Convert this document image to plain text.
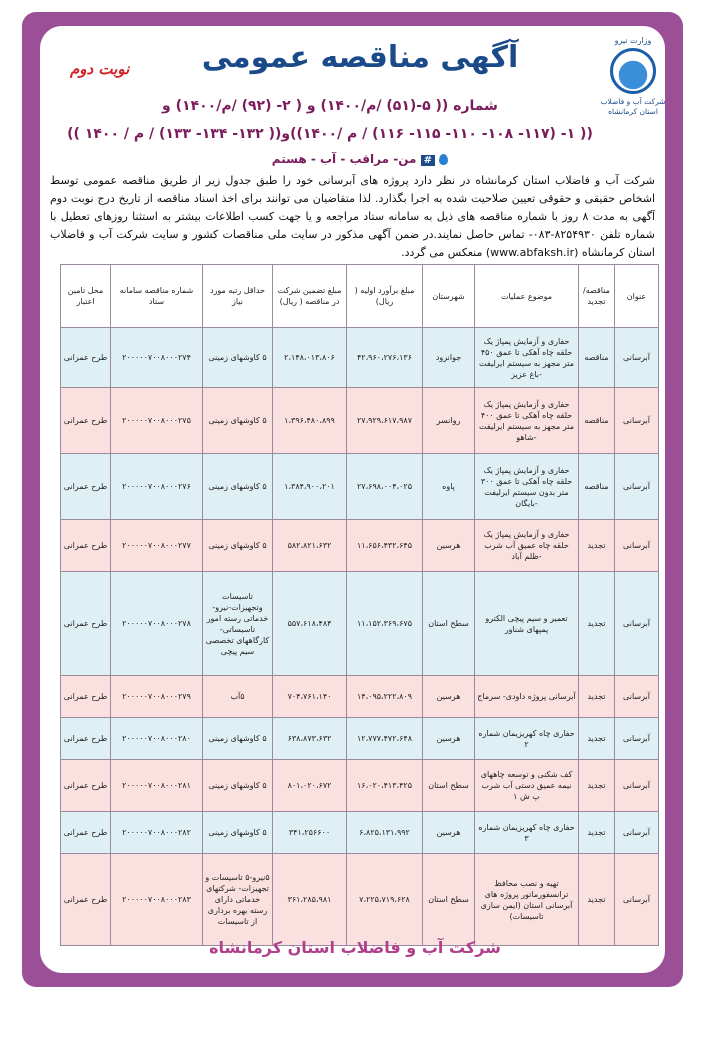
وزارت نیرو
شرکت آب و فاضلاب
استان کرمانشاه
نوبت دوم	آگهی مناقصه عمومی
شماره (( ۵-(۵۱) /م/۱۴۰۰) و ( ۲- (۹۲) /م/۱۴۰۰) و
(( ۱- (۱۱۷- ۱۰۸- ۱۱۰- ۱۱۵- ۱۱۶) / م /۱۴۰۰))و(( ۱۳۲- ۱۳۴- ۱۳۳) / م / ۱۴۰۰ ))
# من- مراقب - آب - هستم
شرکت آب و فاضلاب استان کرمانشاه در نظر دارد پروژه های آبرسانی خود را طبق جدول زیر از طریق مناقصه عمومی توسط اشخاص حقیقی و حقوقی تعیین صلاحیت شده به اجرا بگذارد. لذا متقاضیان می توانند برای اخذ اسناد مناقصه از تاریخ درج نوبت دوم آگهی به مدت ۸ روز با شماره مناقصه های ذیل به سامانه ستاد مراجعه و یا جهت کسب اطلاعات بیشتر به استثنا روزهای تعطیل با شماره تلفن ۸۲۵۴۹۳۰-۰۸۳- تماس حاصل نمایند.در ضمن آگهی مذکور در سایت ملی مناقصات کشور و سایت شرکت آب و فاضلاب استان کرمانشاه (www.abfaksh.ir) منعکس می گردد.
عنوان	مناقصه/ تجدید	موضوع عملیات			شهرستان	مبلغ برآورد اولیه ( ریال)	مبلغ تضمین شرکت در مناقصه ( ریال)	حداقل رتبه مورد نیاز	شماره مناقصه سامانه ستاد	محل تامین اعتبار
آبرسانی	مناقصه	حفاری و آزمایش پمپاژ یک حلقه چاه آهکی تا عمق ۴۵۰ متر مجهز به سیستم ایرلیفت -باغ عزیز			جوانرود	۴۲،۹۶۰،۲۷۶،۱۳۶	۲،۱۴۸،۰۱۳،۸۰۶	۵ کاوشهای زمینی	۲۰۰۰۰۰۷۰۰۸۰۰۰۲۷۴	طرح عمرانی
آبرسانی	مناقصه	حفاری و آزمایش پمپاژ یک حلقه چاه آهکی تا عمق ۴۰۰ متر مجهز به سیستم ایرلیفت -شاهو			روانسر	۲۷،۹۲۹،۶۱۷،۹۸۷	۱،۳۹۶،۴۸۰،۸۹۹	۵ کاوشهای زمینی	۲۰۰۰۰۰۷۰۰۸۰۰۰۲۷۵	طرح عمرانی
آبرسانی	مناقصه	حفاری و آزمایش پمپاژ یک حلقه چاه آهکی تا عمق ۳۰۰ متر بدون سیستم ایرلیفت -بایگان			پاوه	۲۷،۶۹۸،۰۰۴،۰۲۵	۱،۳۸۴،۹۰۰،۲۰۱	۵ کاوشهای زمینی	۲۰۰۰۰۰۷۰۰۸۰۰۰۲۷۶	طرح عمرانی
آبرسانی	تجدید	حفاری و آزمایش پمپاژ یک حلقه چاه عمیق آب شرب -ظلم آباد			هرسین	۱۱،۶۵۶،۴۳۲،۶۴۵	۵۸۲،۸۲۱،۶۳۲	۵ کاوشهای زمینی	۲۰۰۰۰۰۷۰۰۸۰۰۰۲۷۷	طرح عمرانی
آبرسانی	تجدید	تعمیر و سیم پیچی الکترو پمپهای شناور			سطح استان	۱۱،۱۵۲،۳۶۹،۶۷۵	۵۵۷،۶۱۸،۴۸۴	تاسیسات وتجهیزات-نیرو- خدماتی رسته امور تاسیساتی- کارگاههای تخصصی سیم پیچی	۲۰۰۰۰۰۷۰۰۸۰۰۰۲۷۸	طرح عمرانی
آبرسانی	تجدید	آبرسانی پروژه داودی- سرماج			هرسین	۱۴،۰۹۵،۲۲۲،۸۰۹	۷۰۴،۷۶۱،۱۴۰	۵آب	۲۰۰۰۰۰۷۰۰۸۰۰۰۲۷۹	طرح عمرانی
آبرسانی	تجدید	حفاری چاه کهریزیمان شماره ۲			هرسین	۱۲،۷۷۷،۴۷۲،۶۴۸	۶۳۸،۸۷۳،۶۳۲	۵ کاوشهای زمینی	۲۰۰۰۰۰۷۰۰۸۰۰۰۲۸۰	طرح عمرانی
آبرسانی	تجدید	کف شکنی و توسعه چاههای نیمه عمیق دستی آب شرب پ ش ۱			سطح استان	۱۶،۰۲۰،۴۱۳،۴۲۵	۸۰۱،۰۲۰،۶۷۲	۵ کاوشهای زمینی	۲۰۰۰۰۰۷۰۰۸۰۰۰۲۸۱	طرح عمرانی
آبرسانی	تجدید	حفاری چاه کهریزیمان شماره ۳			هرسین	۶،۸۲۵،۱۳۱،۹۹۲	۳۴۱،۲۵۶۶۰۰	۵ کاوشهای زمینی	۲۰۰۰۰۰۷۰۰۸۰۰۰۲۸۲	طرح عمرانی
آبرسانی	تجدید	تهیه و نصب محافظ ترانسفورماتور پروژه های آبرسانی استان (ایمن سازی تاسیسات)			سطح استان	۷،۲۲۵،۷۱۹،۶۲۸	۳۶۱،۲۸۵،۹۸۱	۵نیرو-۵ تاسیسات و تجهیزات- شرکتهای خدماتی دارای رسته بهره برداری از تاسیسات	۲۰۰۰۰۰۷۰۰۸۰۰۰۲۸۳	طرح عمرانی
شرکت آب و فاضلاب استان کرمانشاه
